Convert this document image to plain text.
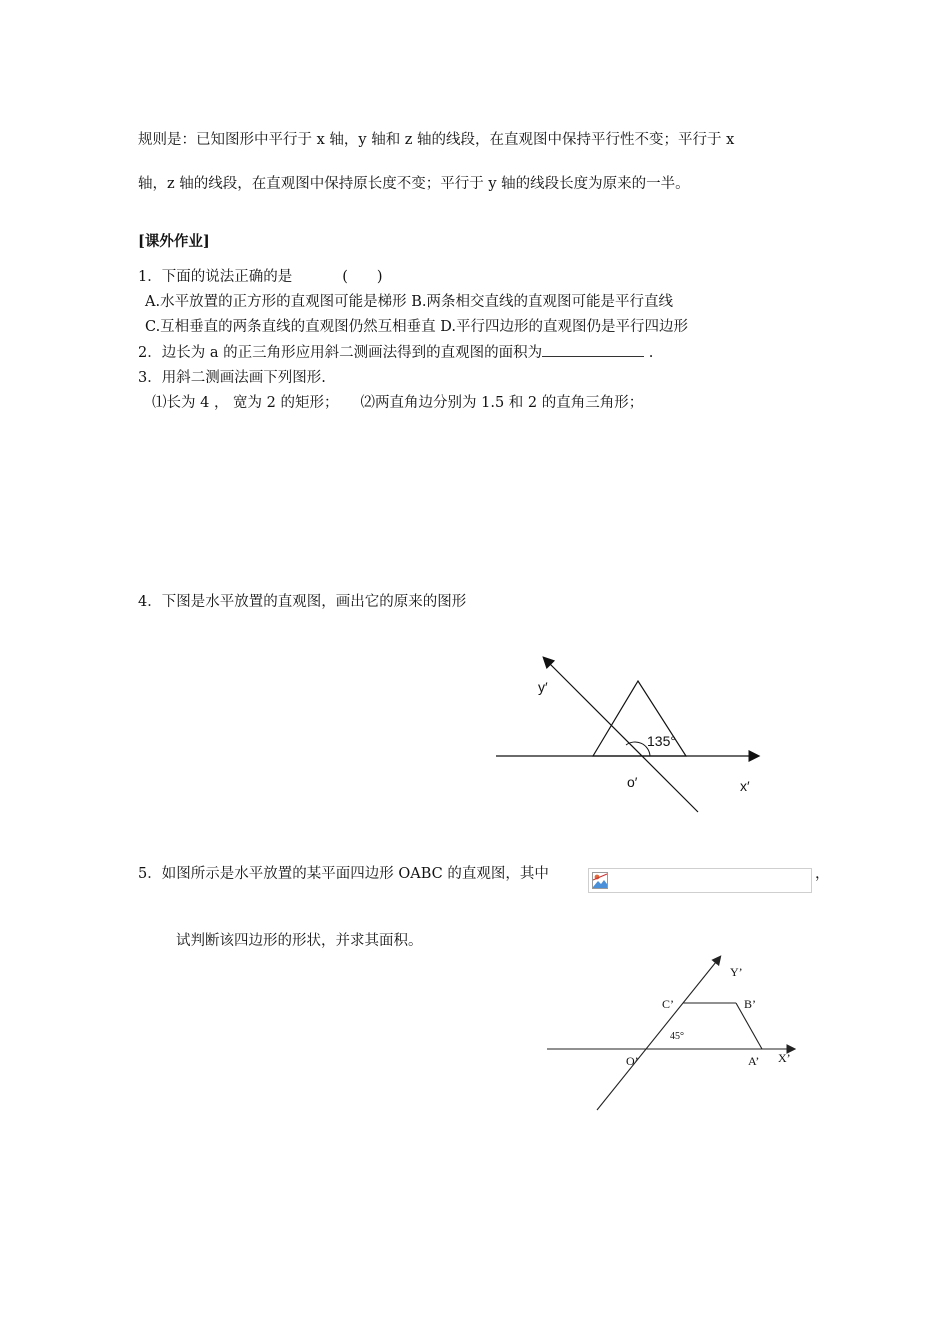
规则是：已知图形中平行于 x 轴，y 轴和 z 轴的线段，在直观图中保持平行性不变；平行于 x
轴，z 轴的线段，在直观图中保持原长度不变；平行于 y 轴的线段长度为原来的一半。
[课外作业]
1．下面的说法正确的是	(　　)
A.水平放置的正方形的直观图可能是梯形 B.两条相交直线的直观图可能是平行直线
C.互相垂直的两条直线的直观图仍然互相垂直 D.平行四边形的直观图仍是平行四边形
2．边长为 a 的正三角形应用斜二测画法得到的直观图的面积为	.
3．用斜二测画法画下列图形.
⑴长为 4 ， 宽为 2 的矩形； ⑵两直角边分别为 1.5 和 2 的直角三角形；
4．下图是水平放置的直观图，画出它的原来的图形
y′
135°
o′	x′
5．如图所示是水平放置的某平面四边形 OABC 的直观图，其中	，
试判断该四边形的形状，并求其面积。
Y’
C’	B’
45°
O’	A’ X’
